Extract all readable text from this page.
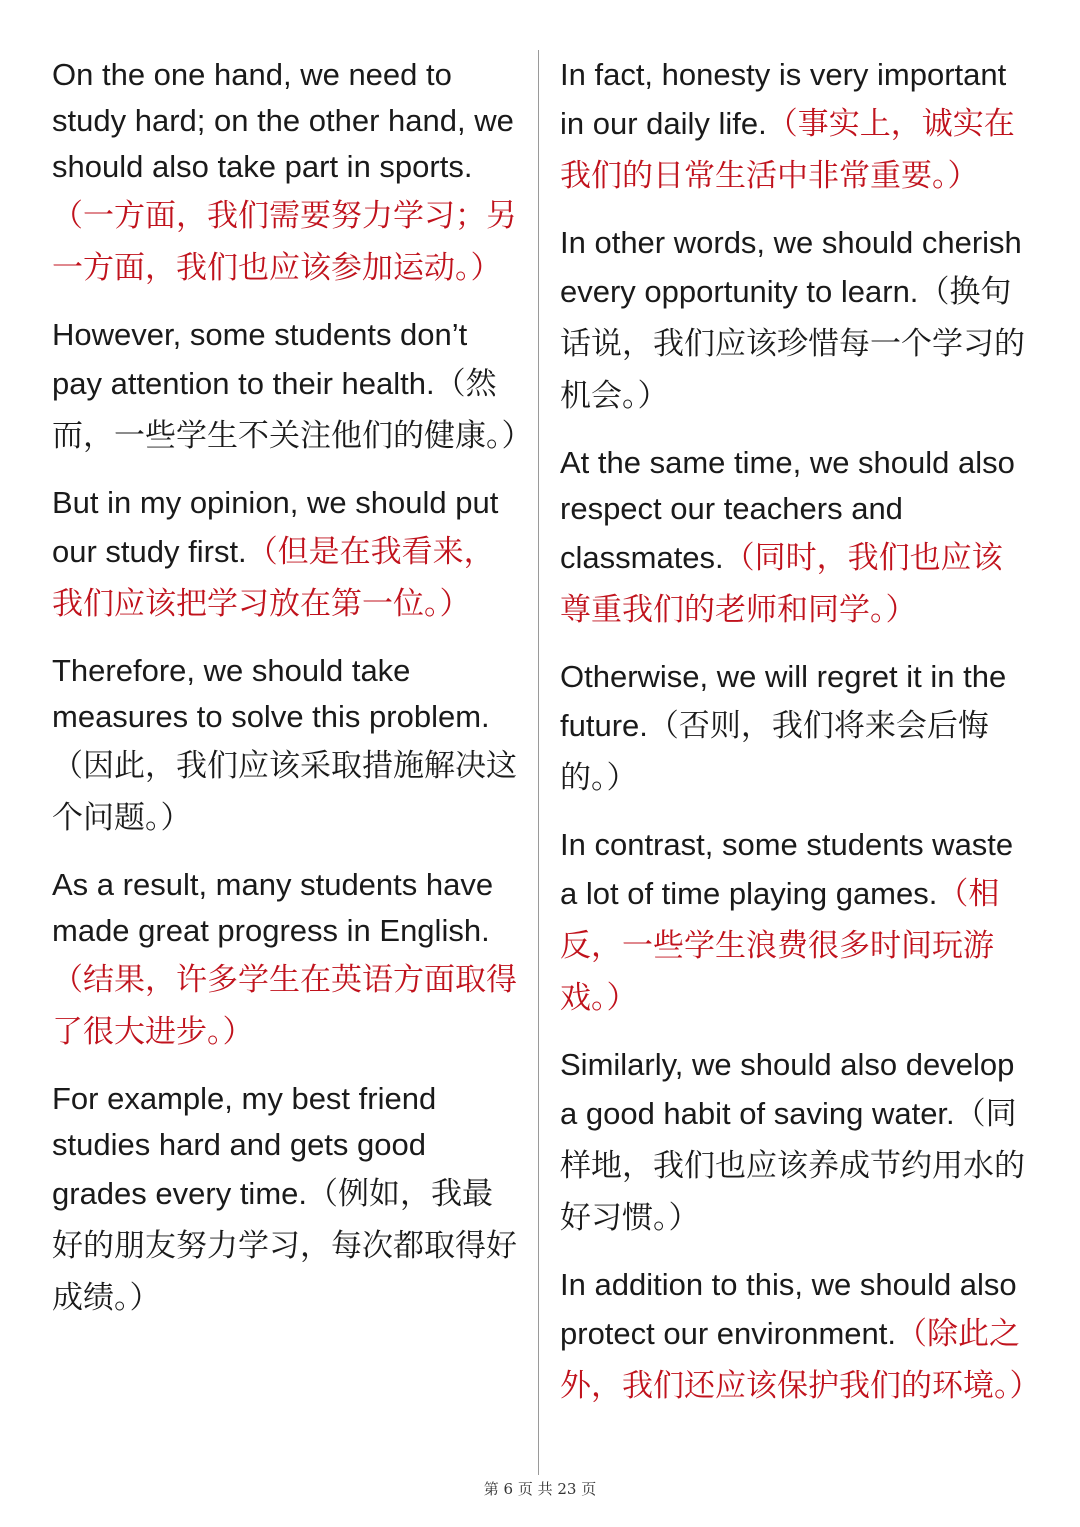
On the one hand, we need to study hard; on the other hand, we should also take part in sports.（一方面，我们需要努力学习；另一方面，我们也应该参加运动。）

However, some students don’t pay attention to their health.（然而，一些学生不关注他们的健康。）

But in my opinion, we should put our study first.（但是在我看来，我们应该把学习放在第一位。）

Therefore, we should take measures to solve this problem.（因此，我们应该采取措施解决这个问题。）

As a result, many students have made great progress in English.（结果，许多学生在英语方面取得了很大进步。）

For example, my best friend studies hard and gets good grades every time.（例如，我最好的朋友努力学习，每次都取得好成绩。）

In fact, honesty is very important in our daily life.（事实上，诚实在我们的日常生活中非常重要。）

In other words, we should cherish every opportunity to learn.（换句话说，我们应该珍惜每一个学习的机会。）

At the same time, we should also respect our teachers and classmates.（同时，我们也应该尊重我们的老师和同学。）

Otherwise, we will regret it in the future.（否则，我们将来会后悔的。）

In contrast, some students waste a lot of time playing games.（相反，一些学生浪费很多时间玩游戏。）

Similarly, we should also develop a good habit of saving water.（同样地，我们也应该养成节约用水的好习惯。）

In addition to this, we should also protect our environment.（除此之外，我们还应该保护我们的环境。）

第 6 页 共 23 页
